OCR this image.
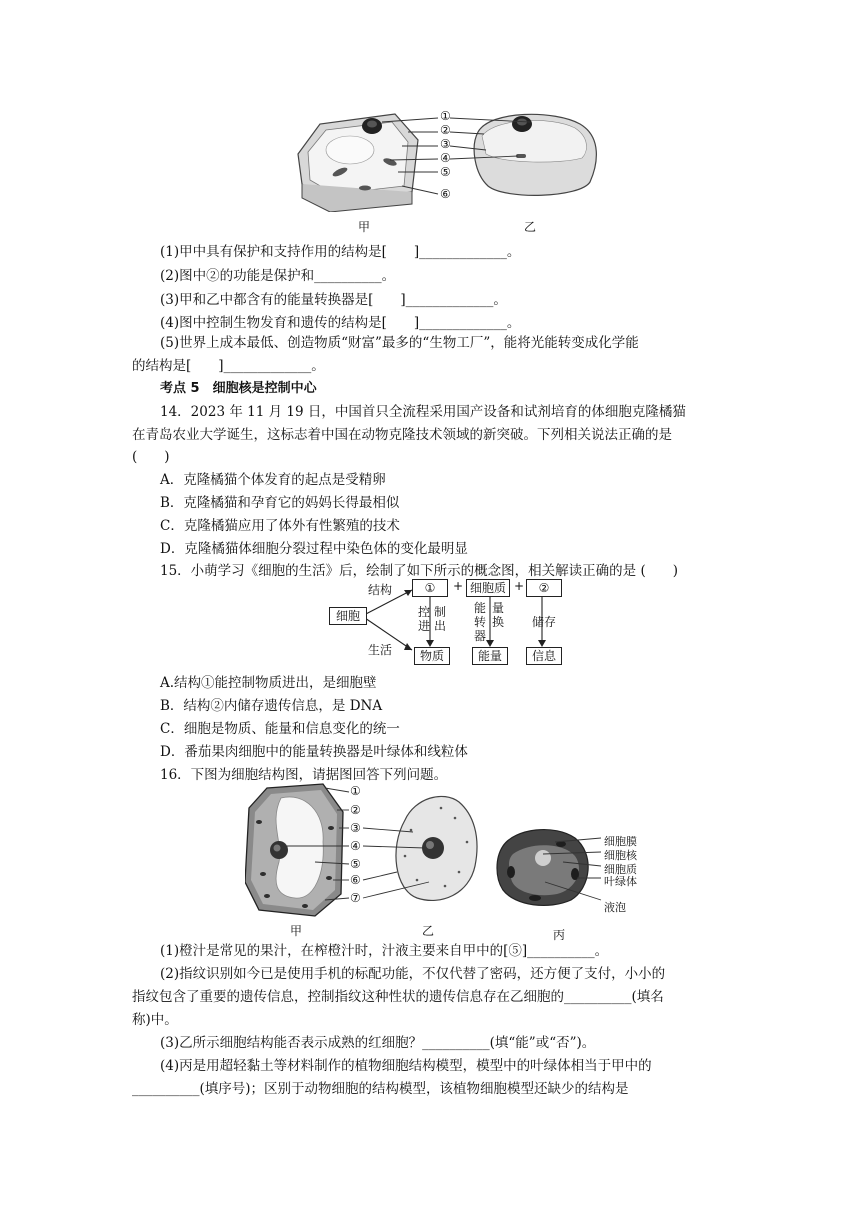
①
②
③
④
⑤
⑥
甲	乙
(1)甲中具有保护和支持作用的结构是[　　]_____________。
(2)图中②的功能是保护和__________。
(3)甲和乙中都含有的能量转换器是[　　]_____________。
(4)图中控制生物发育和遗传的结构是[　　]_____________。
(5)世界上成本最低、创造物质“财富”最多的“生物工厂”，能将光能转变成化学能
的结构是[　　]_____________。
考点 5　细胞核是控制中心
14．2023 年 11 月 19 日，中国首只全流程采用国产设备和试剂培育的体细胞克隆橘猫
在青岛农业大学诞生，这标志着中国在动物克隆技术领域的新突破。下列相关说法正确的是
(　　)
A．克隆橘猫个体发育的起点是受精卵
B．克隆橘猫和孕育它的妈妈长得最相似
C．克隆橘猫应用了体外有性繁殖的技术
D．克隆橘猫体细胞分裂过程中染色体的变化最明显
15．小萌学习《细胞的生活》后，绘制了如下所示的概念图，相关解读正确的是 (　　)
细胞
结构
生活
①	+ 细胞质 +	②
控
进
制
出
能
转
器
量
换 储存
物质	能量	信息
A.结构①能控制物质进出，是细胞壁
B．结构②内储存遗传信息，是 DNA
C．细胞是物质、能量和信息变化的统一
D．番茄果肉细胞中的能量转换器是叶绿体和线粒体
16．下图为细胞结构图，请据图回答下列问题。
①
②
③
④
⑤
⑥
⑦
细胞膜
细胞核
细胞质
叶绿体
液泡
甲	乙	丙
(1)橙汁是常见的果汁，在榨橙汁时，汁液主要来自甲中的[⑤]__________。
(2)指纹识别如今已是使用手机的标配功能，不仅代替了密码，还方便了支付，小小的
指纹包含了重要的遗传信息，控制指纹这种性状的遗传信息存在乙细胞的__________(填名
称)中。
(3)乙所示细胞结构能否表示成熟的红细胞？__________(填“能”或“否”)。
(4)丙是用超轻黏土等材料制作的植物细胞结构模型，模型中的叶绿体相当于甲中的
__________(填序号)；区别于动物细胞的结构模型，该植物细胞模型还缺少的结构是
